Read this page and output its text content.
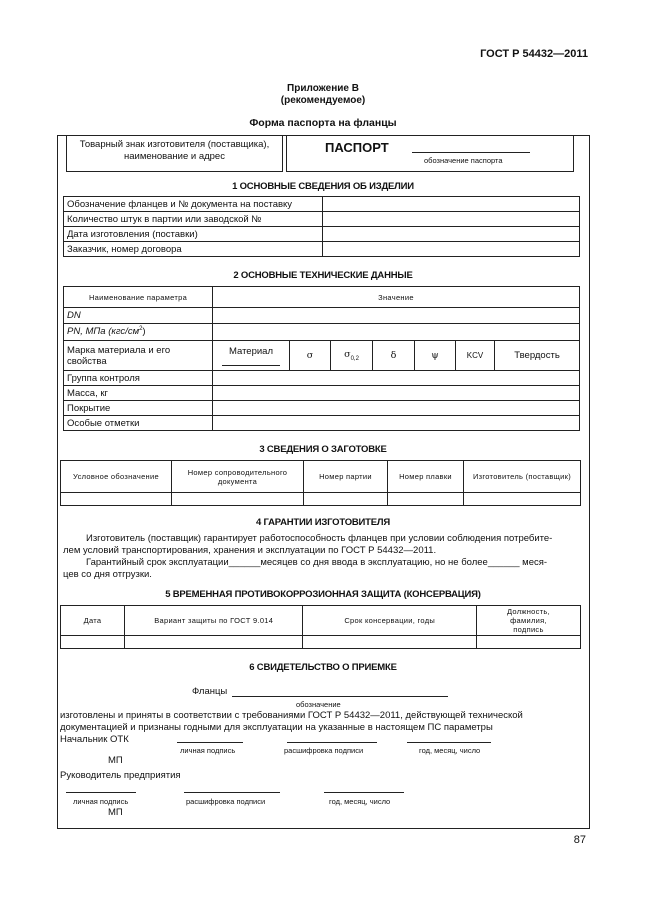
ГОСТ Р 54432—2011
Приложение В
(рекомендуемое)
Форма паспорта на фланцы
Товарный знак изготовителя (поставщика),
наименование и адрес
ПАСПОРТ
обозначение паспорта
1 ОСНОВНЫЕ СВЕДЕНИЯ ОБ ИЗДЕЛИИ
Обозначение фланцев и № документа на поставку	
Количество штук в партии или заводской №	
Дата изготовления (поставки)	
Заказчик, номер договора	
2 ОСНОВНЫЕ ТЕХНИЧЕСКИЕ ДАННЫЕ
Наименование параметра	Значение						
DN							
PN, МПа $(кгс/см^2)$							

Марка материала и его
свойства	Материал	σ	$\sigma_{0,2}$	δ	ψ	KCV	Твердость
Группа контроля							
Масса, кг							
Покрытие							
Особые отметки							
3 СВЕДЕНИЯ О ЗАГОТОВКЕ
Условное обозначение	Номер сопроводительного документа	Номер партии	Номер плавки	Изготовитель (поставщик)

4 ГАРАНТИИ ИЗГОТОВИТЕЛЯ
Изготовитель (поставщик) гарантирует работоспособность фланцев при условии соблюдения потребите-
лем условий транспортирования, хранения и эксплуатации по ГОСТ Р 54432—2011.
Гарантийный срок эксплуатации______месяцев со дня ввода в эксплуатацию, но не более______ меся-
цев со дня отгрузки.
5 ВРЕМЕННАЯ ПРОТИВОКОРРОЗИОННАЯ ЗАЩИТА (КОНСЕРВАЦИЯ)
Дата	Вариант защиты по ГОСТ 9.014	Срок консервации, годы	Должность, фамилия, подпись

6 СВИДЕТЕЛЬСТВО О ПРИЕМКЕ
Фланцы
обозначение
изготовлены и приняты в соответствии с требованиями ГОСТ Р 54432—2011, действующей технической
документацией и признаны годными для эксплуатации на указанные в настоящем ПС параметры
Начальник ОТК
личная подпись	расшифровка подписи	год, месяц, число
МП
Руководитель предприятия
личная подпись	расшифровка подписи	год, месяц, число
МП
87
